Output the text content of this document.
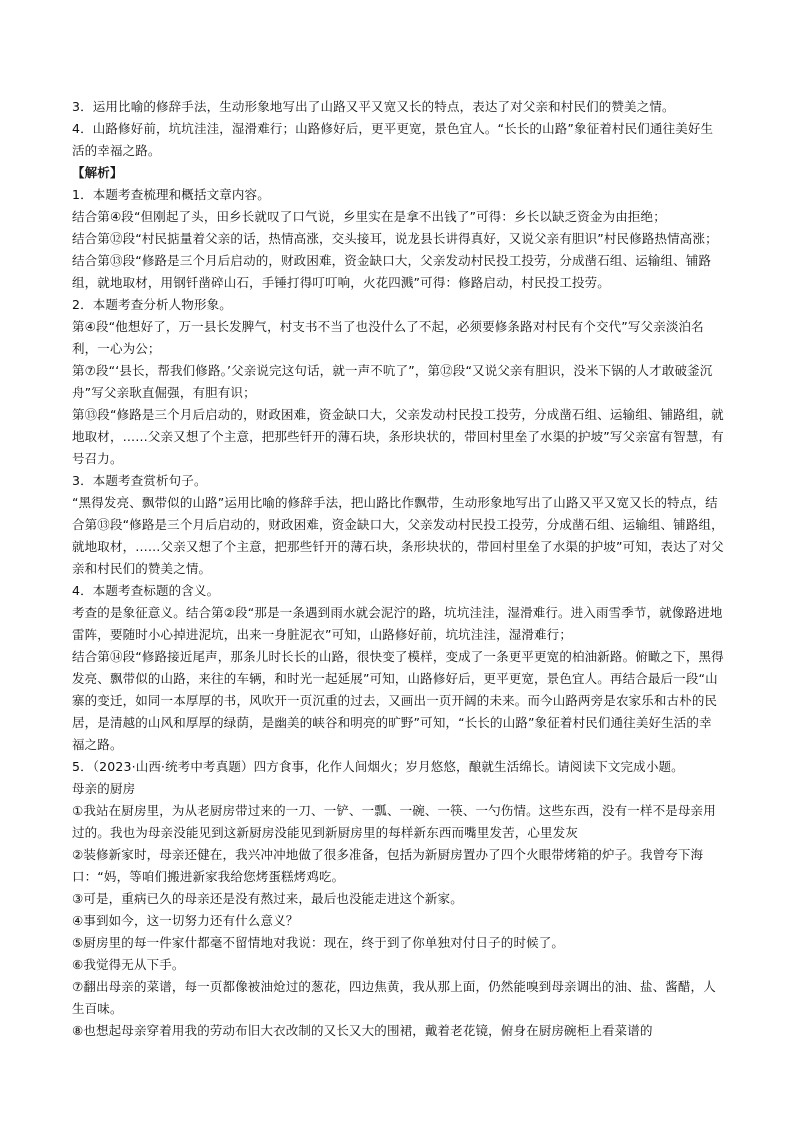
3．运用比喻的修辞手法，生动形象地写出了山路又平又宽又长的特点，表达了对父亲和村民们的赞美之情。

4．山路修好前，坑坑洼洼，湿滑难行；山路修好后，更平更宽，景色宜人。“长长的山路”象征着村民们通往美好生活的幸福之路。

【解析】

1．本题考查梳理和概括文章内容。

结合第④段“但刚起了头，田乡长就叹了口气说，乡里实在是拿不出钱了”可得：乡长以缺乏资金为由拒绝；

结合第⑫段“村民掂量着父亲的话，热情高涨，交头接耳，说龙县长讲得真好，又说父亲有胆识”村民修路热情高涨；

结合第⑬段“修路是三个月后启动的，财政困难，资金缺口大，父亲发动村民投工投劳，分成凿石组、运输组、铺路组，就地取材，用钢钎凿碎山石，手锤打得叮叮响，火花四溅”可得：修路启动，村民投工投劳。

2．本题考查分析人物形象。

第④段“他想好了，万一县长发脾气，村支书不当了也没什么了不起，必须要修条路对村民有个交代”写父亲淡泊名利，一心为公；

第⑦段“‘县长，帮我们修路。’父亲说完这句话，就一声不吭了”，第⑫段“又说父亲有胆识，没米下锅的人才敢破釜沉舟”写父亲耿直倔强，有胆有识；

第⑬段“修路是三个月后启动的，财政困难，资金缺口大，父亲发动村民投工投劳，分成凿石组、运输组、铺路组，就地取材，……父亲又想了个主意，把那些钎开的薄石块，条形块状的，带回村里垒了水渠的护坡”写父亲富有智慧，有号召力。

3．本题考查赏析句子。

“黑得发亮、飘带似的山路”运用比喻的修辞手法，把山路比作飘带，生动形象地写出了山路又平又宽又长的特点，结合第⑬段“修路是三个月后启动的，财政困难，资金缺口大，父亲发动村民投工投劳，分成凿石组、运输组、铺路组，就地取材，……父亲又想了个主意，把那些钎开的薄石块，条形块状的，带回村里垒了水渠的护坡”可知，表达了对父亲和村民们的赞美之情。

4．本题考查标题的含义。

考查的是象征意义。结合第②段“那是一条遇到雨水就会泥泞的路，坑坑洼洼，湿滑难行。进入雨雪季节，就像路进地雷阵，要随时小心掉进泥坑，出来一身脏泥衣”可知，山路修好前，坑坑洼洼，湿滑难行；

结合第⑭段“修路接近尾声，那条儿时长长的山路，很快变了模样，变成了一条更平更宽的柏油新路。俯瞰之下，黑得发亮、飘带似的山路，来往的车辆，和时光一起延展”可知，山路修好后，更平更宽，景色宜人。再结合最后一段“山寨的变迁，如同一本厚厚的书，风吹开一页沉重的过去，又画出一页开阔的未来。而今山路两旁是农家乐和古朴的民居，是清越的山风和厚厚的绿荫，是幽美的峡谷和明亮的旷野”可知，“长长的山路”象征着村民们通往美好生活的幸福之路。

5．（2023·山西·统考中考真题）四方食事，化作人间烟火；岁月悠悠，酿就生活绵长。请阅读下文完成小题。

母亲的厨房

①我站在厨房里，为从老厨房带过来的一刀、一铲、一瓢、一碗、一筷、一勺伤情。这些东西，没有一样不是母亲用过的。我也为母亲没能见到这新厨房没能见到新厨房里的每样新东西而嘴里发苦，心里发灰

②装修新家时，母亲还健在，我兴冲冲地做了很多准备，包括为新厨房置办了四个火眼带烤箱的炉子。我曾夸下海口：“妈，等咱们搬进新家我给您烤蛋糕烤鸡吃。

③可是，重病已久的母亲还是没有熬过来，最后也没能走进这个新家。

④事到如今，这一切努力还有什么意义？

⑤厨房里的每一件家什都毫不留情地对我说：现在，终于到了你单独对付日子的时候了。

⑥我觉得无从下手。

⑦翻出母亲的菜谱，每一页都像被油炝过的葱花，四边焦黄，我从那上面，仍然能嗅到母亲调出的油、盐、酱醋，人生百味。

⑧也想起母亲穿着用我的劳动布旧大衣改制的又长又大的围裙，戴着老花镜，俯身在厨房碗柜上看菜谱的
